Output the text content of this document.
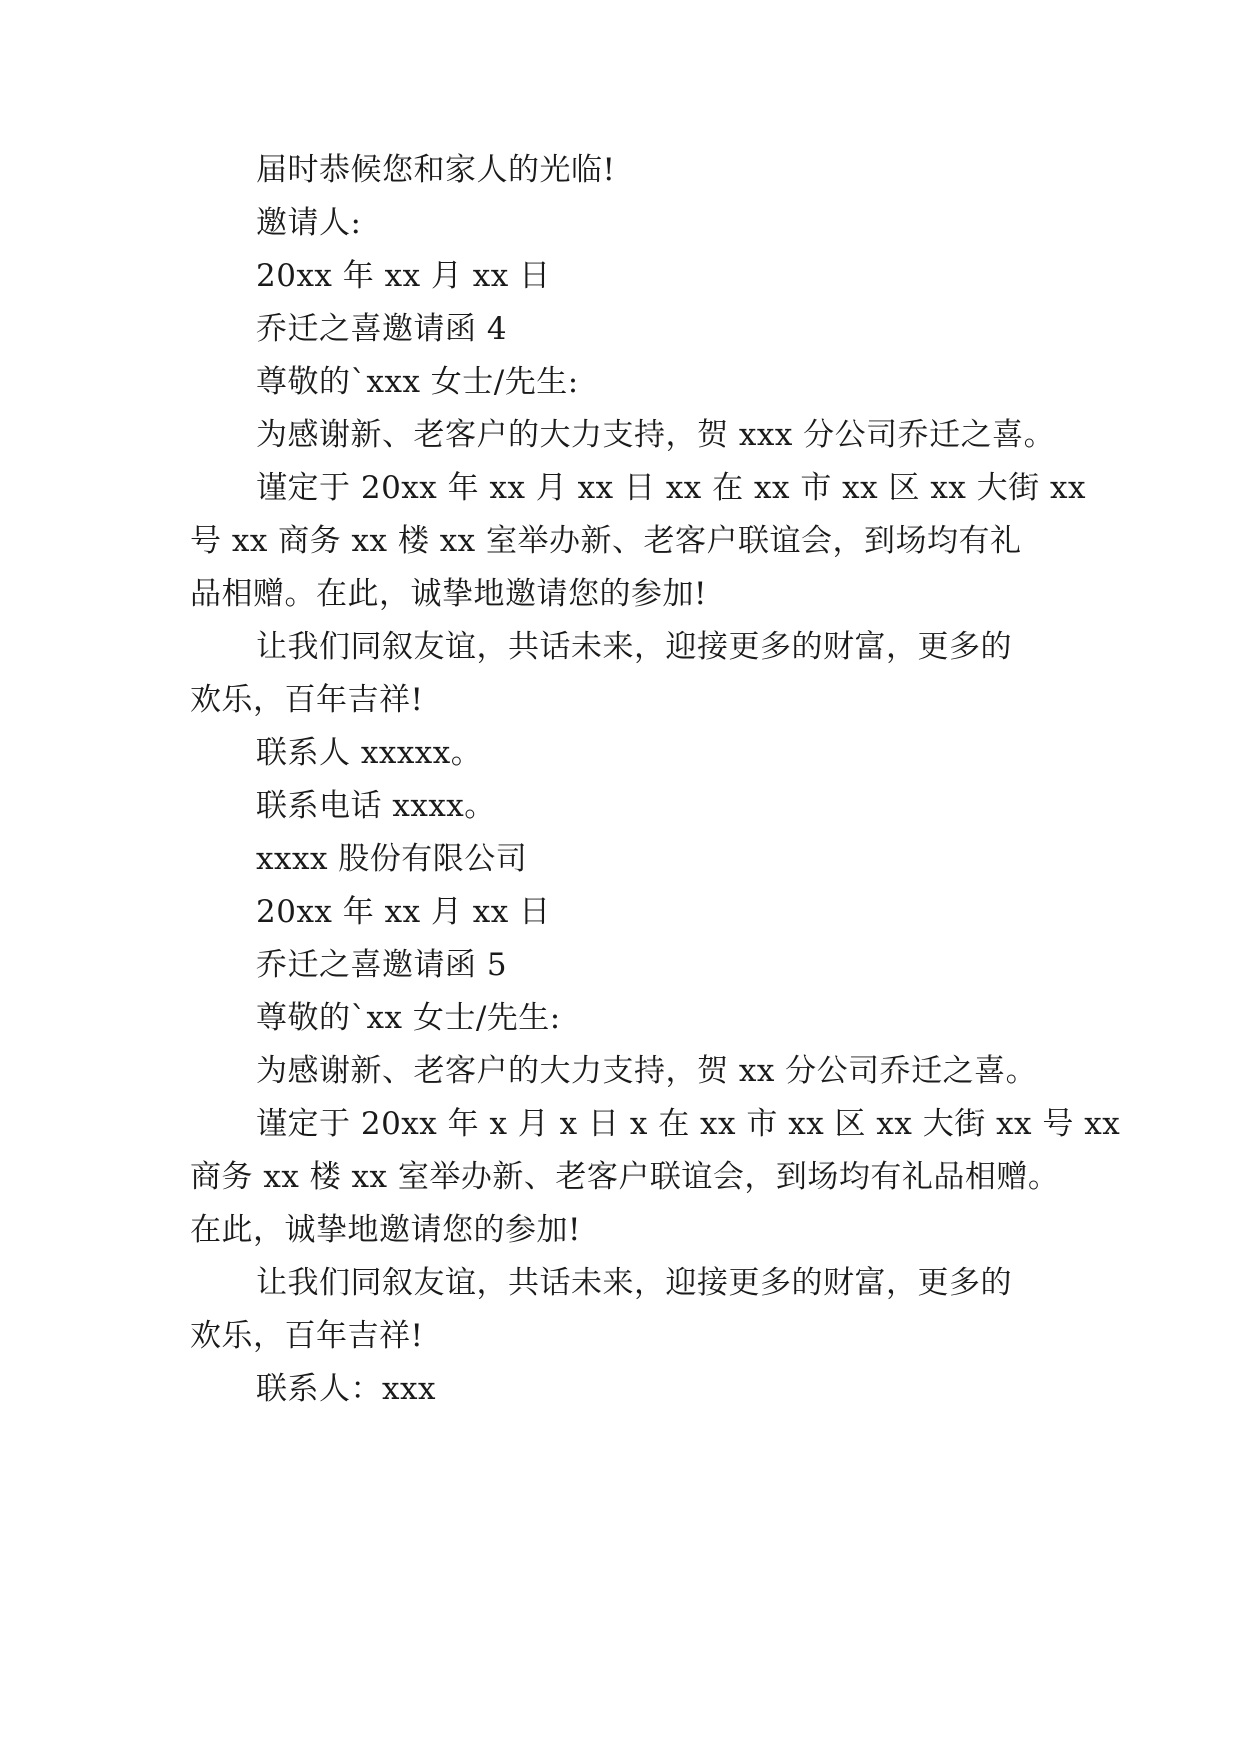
届时恭候您和家人的光临!
邀请人:
20xx 年 xx 月 xx 日
乔迁之喜邀请函 4
尊敬的`xxx 女士/先生:
为感谢新、老客户的大力支持，贺 xxx 分公司乔迁之喜。
谨定于 20xx 年 xx 月 xx 日 xx 在 xx 市 xx 区 xx 大街 xx
号 xx 商务 xx 楼 xx 室举办新、老客户联谊会，到场均有礼
品相赠。在此，诚挚地邀请您的参加!
让我们同叙友谊，共话未来，迎接更多的财富，更多的
欢乐，百年吉祥!
联系人 xxxxx。
联系电话 xxxx。
xxxx 股份有限公司
20xx 年 xx 月 xx 日
乔迁之喜邀请函 5
尊敬的`xx 女士/先生:
为感谢新、老客户的大力支持，贺 xx 分公司乔迁之喜。
谨定于 20xx 年 x 月 x 日 x 在 xx 市 xx 区 xx 大街 xx 号 xx
商务 xx 楼 xx 室举办新、老客户联谊会，到场均有礼品相赠。
在此，诚挚地邀请您的参加!
让我们同叙友谊，共话未来，迎接更多的财富，更多的
欢乐，百年吉祥!
联系人：xxx
